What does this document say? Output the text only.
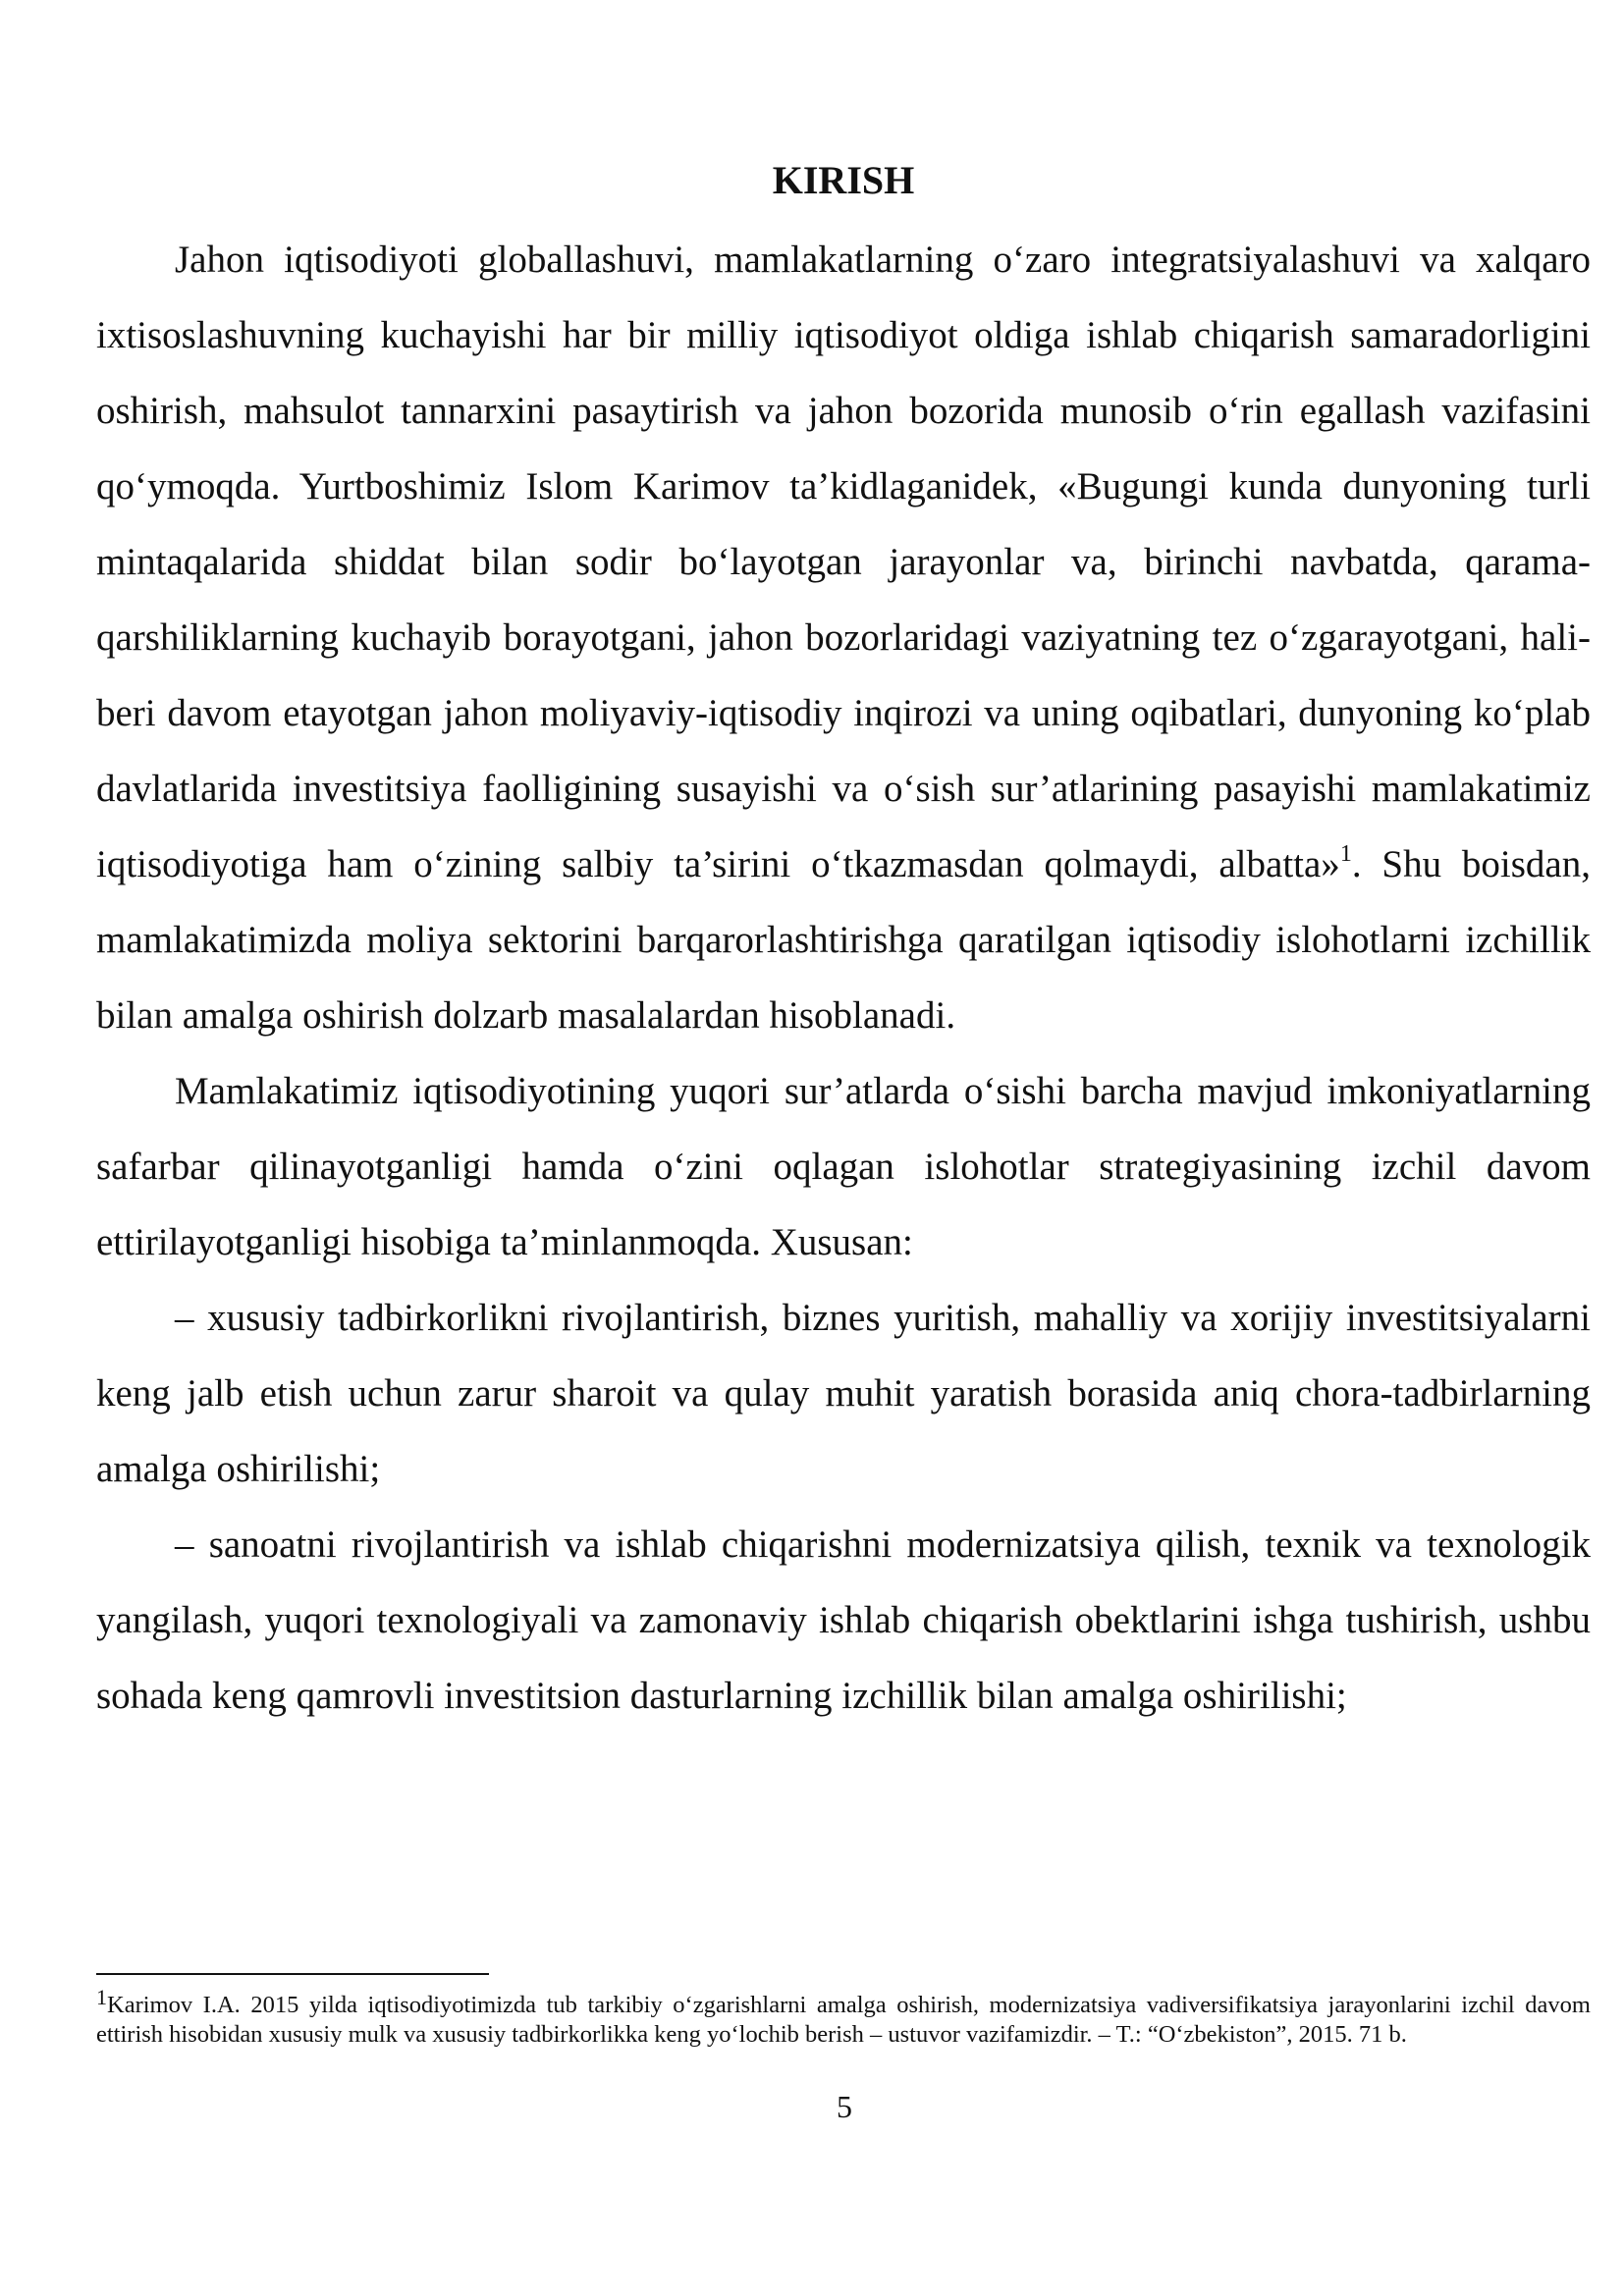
KIRISH

Jahon iqtisodiyoti globallashuvi, mamlakatlarning o‘zaro integratsiyalashuvi va xalqaro ixtisoslashuvning kuchayishi har bir milliy iqtisodiyot oldiga ishlab chiqarish samaradorligini oshirish, mahsulot tannarxini pasaytirish va jahon bozorida munosib o‘rin egallash vazifasini qo‘ymoqda. Yurtboshimiz Islom Karimov ta’kidlaganidek, «Bugungi kunda dunyoning turli mintaqalarida shiddat bilan sodir bo‘layotgan jarayonlar va, birinchi navbatda, qarama-qarshiliklarning kuchayib borayotgani, jahon bozorlaridagi vaziyatning tez o‘zgarayotgani, hali-beri davom etayotgan jahon moliyaviy-iqtisodiy inqirozi va uning oqibatlari, dunyoning ko‘plab davlatlarida investitsiya faolligining susayishi va o‘sish sur’atlarining pasayishi mamlakatimiz iqtisodiyotiga ham o‘zining salbiy ta’sirini o‘tkazmasdan qolmaydi, albatta»$^1$. Shu boisdan, mamlakatimizda moliya sektorini barqarorlashtirishga qaratilgan iqtisodiy islohotlarni izchillik bilan amalga oshirish dolzarb masalalardan hisoblanadi.

Mamlakatimiz iqtisodiyotining yuqori sur’atlarda o‘sishi barcha mavjud imkoniyatlarning safarbar qilinayotganligi hamda o‘zini oqlagan islohotlar strategiyasining izchil davom ettirilayotganligi hisobiga ta’minlanmoqda. Xususan:

– xususiy tadbirkorlikni rivojlantirish, biznes yuritish, mahalliy va xorijiy investitsiyalarni keng jalb etish uchun zarur sharoit va qulay muhit yaratish borasida aniq chora-tadbirlarning amalga oshirilishi;

– sanoatni rivojlantirish va ishlab chiqarishni modernizatsiya qilish, texnik va texnologik yangilash, yuqori texnologiyali va zamonaviy ishlab chiqarish obektlarini ishga tushirish, ushbu sohada keng qamrovli investitsion dasturlarning izchillik bilan amalga oshirilishi;

$^1$Karimov I.A. 2015 yilda iqtisodiyotimizda tub tarkibiy o‘zgarishlarni amalga oshirish, modernizatsiya vadiversifikatsiya jarayonlarini izchil davom ettirish hisobidan xususiy mulk va xususiy tadbirkorlikka keng yo‘lochib berish – ustuvor vazifamizdir. – T.: “O‘zbekiston”, 2015. 71 b.

5
